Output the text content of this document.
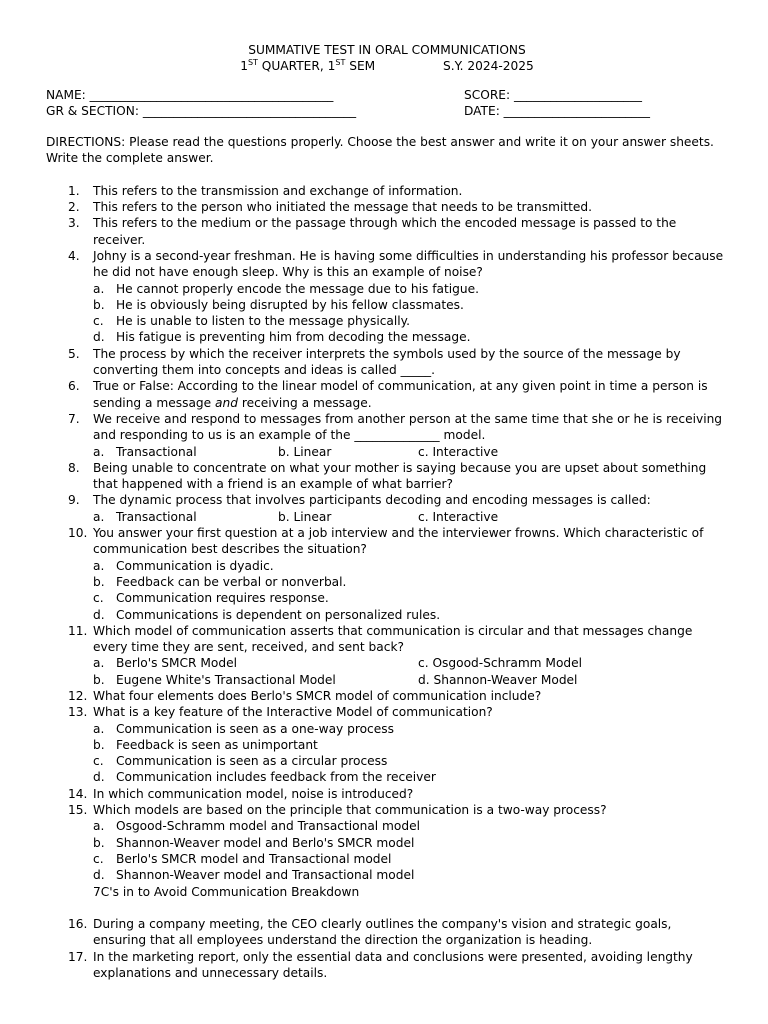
SUMMATIVE TEST IN ORAL COMMUNICATIONS
1ST QUARTER, 1ST SEM	S.Y. 2024-2025
NAME: ________________________________________	SCORE: _____________________
GR & SECTION: ___________________________________	DATE: ________________________
DIRECTIONS: Please read the questions properly. Choose the best answer and write it on your answer sheets. Write the complete answer.
1.	This refers to the transmission and exchange of information.
2.	This refers to the person who initiated the message that needs to be transmitted.
3.	This refers to the medium or the passage through which the encoded message is passed to the receiver.
4.	Johny is a second-year freshman. He is having some difficulties in understanding his professor because he did not have enough sleep. Why is this an example of noise?
a. He cannot properly encode the message due to his fatigue.
b. He is obviously being disrupted by his fellow classmates.
c.	He is unable to listen to the message physically.
d. His fatigue is preventing him from decoding the message.
5.	The process by which the receiver interprets the symbols used by the source of the message by converting them into concepts and ideas is called _____.
6.	True or False: According to the linear model of communication, at any given point in time a person is sending a message and receiving a message.
7.	We receive and respond to messages from another person at the same time that she or he is receiving and responding to us is an example of the ______________ model.
a. Transactional	b. Linear	c. Interactive
8.	Being unable to concentrate on what your mother is saying because you are upset about something that happened with a friend is an example of what barrier?
9.	The dynamic process that involves participants decoding and encoding messages is called:
a. Transactional	b. Linear	c. Interactive
10. You answer your first question at a job interview and the interviewer frowns. Which characteristic of communication best describes the situation?
a. Communication is dyadic.
b. Feedback can be verbal or nonverbal.
c.	Communication requires response.
d. Communications is dependent on personalized rules.
11. Which model of communication asserts that communication is circular and that messages change every time they are sent, received, and sent back?
a. Berlo's SMCR Model	c. Osgood-Schramm Model
b. Eugene White's Transactional Model	d. Shannon-Weaver Model
12. What four elements does Berlo's SMCR model of communication include?
13. What is a key feature of the Interactive Model of communication?
a. Communication is seen as a one-way process
b. Feedback is seen as unimportant
c.	Communication is seen as a circular process
d. Communication includes feedback from the receiver
14. In which communication model, noise is introduced?
15. Which models are based on the principle that communication is a two-way process?
a. Osgood-Schramm model and Transactional model
b. Shannon-Weaver model and Berlo's SMCR model
c.	Berlo's SMCR model and Transactional model
d. Shannon-Weaver model and Transactional model
7C's in to Avoid Communication Breakdown
16. During a company meeting, the CEO clearly outlines the company's vision and strategic goals, ensuring that all employees understand the direction the organization is heading.
17. In the marketing report, only the essential data and conclusions were presented, avoiding lengthy explanations and unnecessary details.
